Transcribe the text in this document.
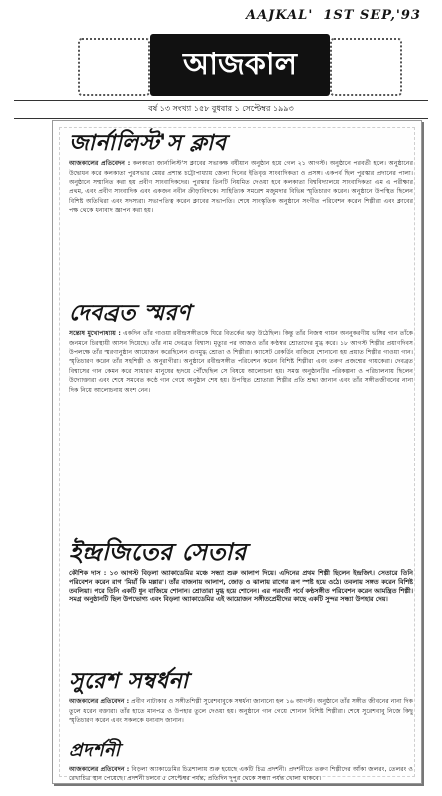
AAJKAL' 1ST SEP,'93
আজকাল
বর্ষ ১৩ সংখ্যা ১৫৮ বুধবার ১ সেপ্টেম্বর ১৯৯৩
জার্নালিস্ট'স ক্লাব
আজকালের প্রতিবেদন : কলকাতা জার্নালিস্ট'স ক্লাবের সভাকক্ষ বর্ষীয়ান অনুষ্ঠান হয়ে গেল ২১ আগস্ট। অনুষ্ঠানে পরবর্তী হলে। অনুষ্ঠানের উদ্বোধন করে কলকাতা পুরসভার মেয়র প্রশান্ত চট্টোপাধ্যায় জেলা দিনের ইতিবৃত্ত সাংবাদিকতা ও প্রসঙ্গ। একপর্ব ছিল পুরস্কার প্রদানের পালা। অনুষ্ঠানে সম্মানিত করা হয় প্রবীণ সাংবাদিকদের। পুরস্কার তিনটি নিয়মিত দেওয়া হবে কলকাতা বিশ্ববিদ্যালয়ে সাংবাদিকতা এম এ পরীক্ষার প্রথম, এবং প্রবীণ সাংবাদিক এবং একজন নবীন ক্রীড়াবিদকে। সাহিত্যিক সমরেশ মজুমদার বিভিন্ন স্মৃতিচারণ করেন। অনুষ্ঠানে উপস্থিত ছিলেন বিশিষ্ট অতিথিরা এবং সদস্যরা। সভাপতিত্ব করেন ক্লাবের সভাপতি। শেষে সাংস্কৃতিক অনুষ্ঠানে সংগীত পরিবেশন করেন শিল্পীরা এবং ক্লাবের পক্ষ থেকে ধন্যবাদ জ্ঞাপন করা হয়।
দেবব্রত স্মরণ
সন্তোষ মুখোপাধ্যায় : একদিন তাঁর গাওয়া রবীন্দ্রসঙ্গীতকে ঘিরে বিতর্কের ঝড় উঠেছিল। কিন্তু তাঁর নিজস্ব গায়ন অননুকরণীয় ভঙ্গির গান তাঁকে জনমনে চিরস্থায়ী আসন দিয়েছে। তাঁর নাম দেবব্রত বিশ্বাস। মৃত্যুর পর আজও তাঁর কণ্ঠস্বর শ্রোতাদের মুগ্ধ করে। ১৮ আগস্ট শিল্পীর প্রয়াণদিবস উপলক্ষে তাঁর স্মরণানুষ্ঠান আয়োজন করেছিলেন গুণমুগ্ধ শ্রোতা ও শিল্পীরা। ক্যাসেট রেকর্ডিং বাজিয়ে শোনানো হয় প্রয়াত শিল্পীর গাওয়া গান। স্মৃতিচারণ করেন তাঁর সহশিল্পী ও অনুরাগীরা। অনুষ্ঠানে রবীন্দ্রসঙ্গীত পরিবেশন করেন বিশিষ্ট শিল্পীরা এবং তরুণ প্রজন্মের গায়কেরা। দেবব্রত বিশ্বাসের গান কেমন করে সাধারণ মানুষের হৃদয়ে পৌঁছেছিল সে বিষয়ে আলোচনা হয়। সমস্ত অনুষ্ঠানটির পরিকল্পনা ও পরিচালনায় ছিলেন উদ্যোক্তারা এবং শেষে সমবেত কণ্ঠে গান গেয়ে অনুষ্ঠান শেষ হয়। উপস্থিত শ্রোতারা শিল্পীর প্রতি শ্রদ্ধা জানান এবং তাঁর সঙ্গীতজীবনের নানা দিক নিয়ে আলোচনায় অংশ নেন।
ইন্দ্রজিতের সেতার
কৌশিক দাস : ১৩ আগস্ট বিড়লা অ্যাকাডেমির মঞ্চে সন্ধ্যা শুরু আলাপ দিয়ে। এদিনের প্রথম শিল্পী ছিলেন ইন্দ্রজিৎ। সেতারে তিনি পরিবেশন করেন রাগ 'মিয়াঁ কি মল্লার'। তাঁর বাজনায় আলাপ, জোড় ও ঝালায় রাগের রূপ স্পষ্ট হয়ে ওঠে। তবলায় সঙ্গত করেন বিশিষ্ট তবলিয়া। পরে তিনি একটি ধুন বাজিয়ে শোনান। শ্রোতারা মুগ্ধ হয়ে শোনেন। এর পরবর্তী পর্বে কণ্ঠসঙ্গীত পরিবেশন করেন আমন্ত্রিত শিল্পী। সমগ্র অনুষ্ঠানটি ছিল উপভোগ্য এবং বিড়লা অ্যাকাডেমির এই আয়োজন সঙ্গীতপ্রেমীদের কাছে একটি সুন্দর সন্ধ্যা উপহার দেয়।
সুরেশ সম্বর্ধনা
আজকালের প্রতিবেদন : প্রবীণ নাট্যকার ও সঙ্গীতশিল্পী সুরেশবাবুকে সম্বর্ধনা জানানো হল ১৬ আগস্ট। অনুষ্ঠানে তাঁর সঙ্গীত জীবনের নানা দিক তুলে ধরেন বক্তারা। তাঁর হাতে মানপত্র ও উপহার তুলে দেওয়া হয়। অনুষ্ঠানে গান গেয়ে শোনান বিশিষ্ট শিল্পীরা। শেষে সুরেশবাবু নিজে কিছু স্মৃতিচারণ করেন এবং সকলকে ধন্যবাদ জানান।
প্রদর্শনী
আজকালের প্রতিবেদন : বিড়লা অ্যাকাডেমির চিত্রশালায় শুরু হয়েছে একটি চিত্র প্রদর্শনী। প্রদর্শনীতে তরুণ শিল্পীদের আঁকা জলরং, তেলরং ও রেখাচিত্র স্থান পেয়েছে। প্রদর্শনী চলবে ৫ সেপ্টেম্বর পর্যন্ত, প্রতিদিন দুপুর থেকে সন্ধ্যা পর্যন্ত খোলা থাকবে।
